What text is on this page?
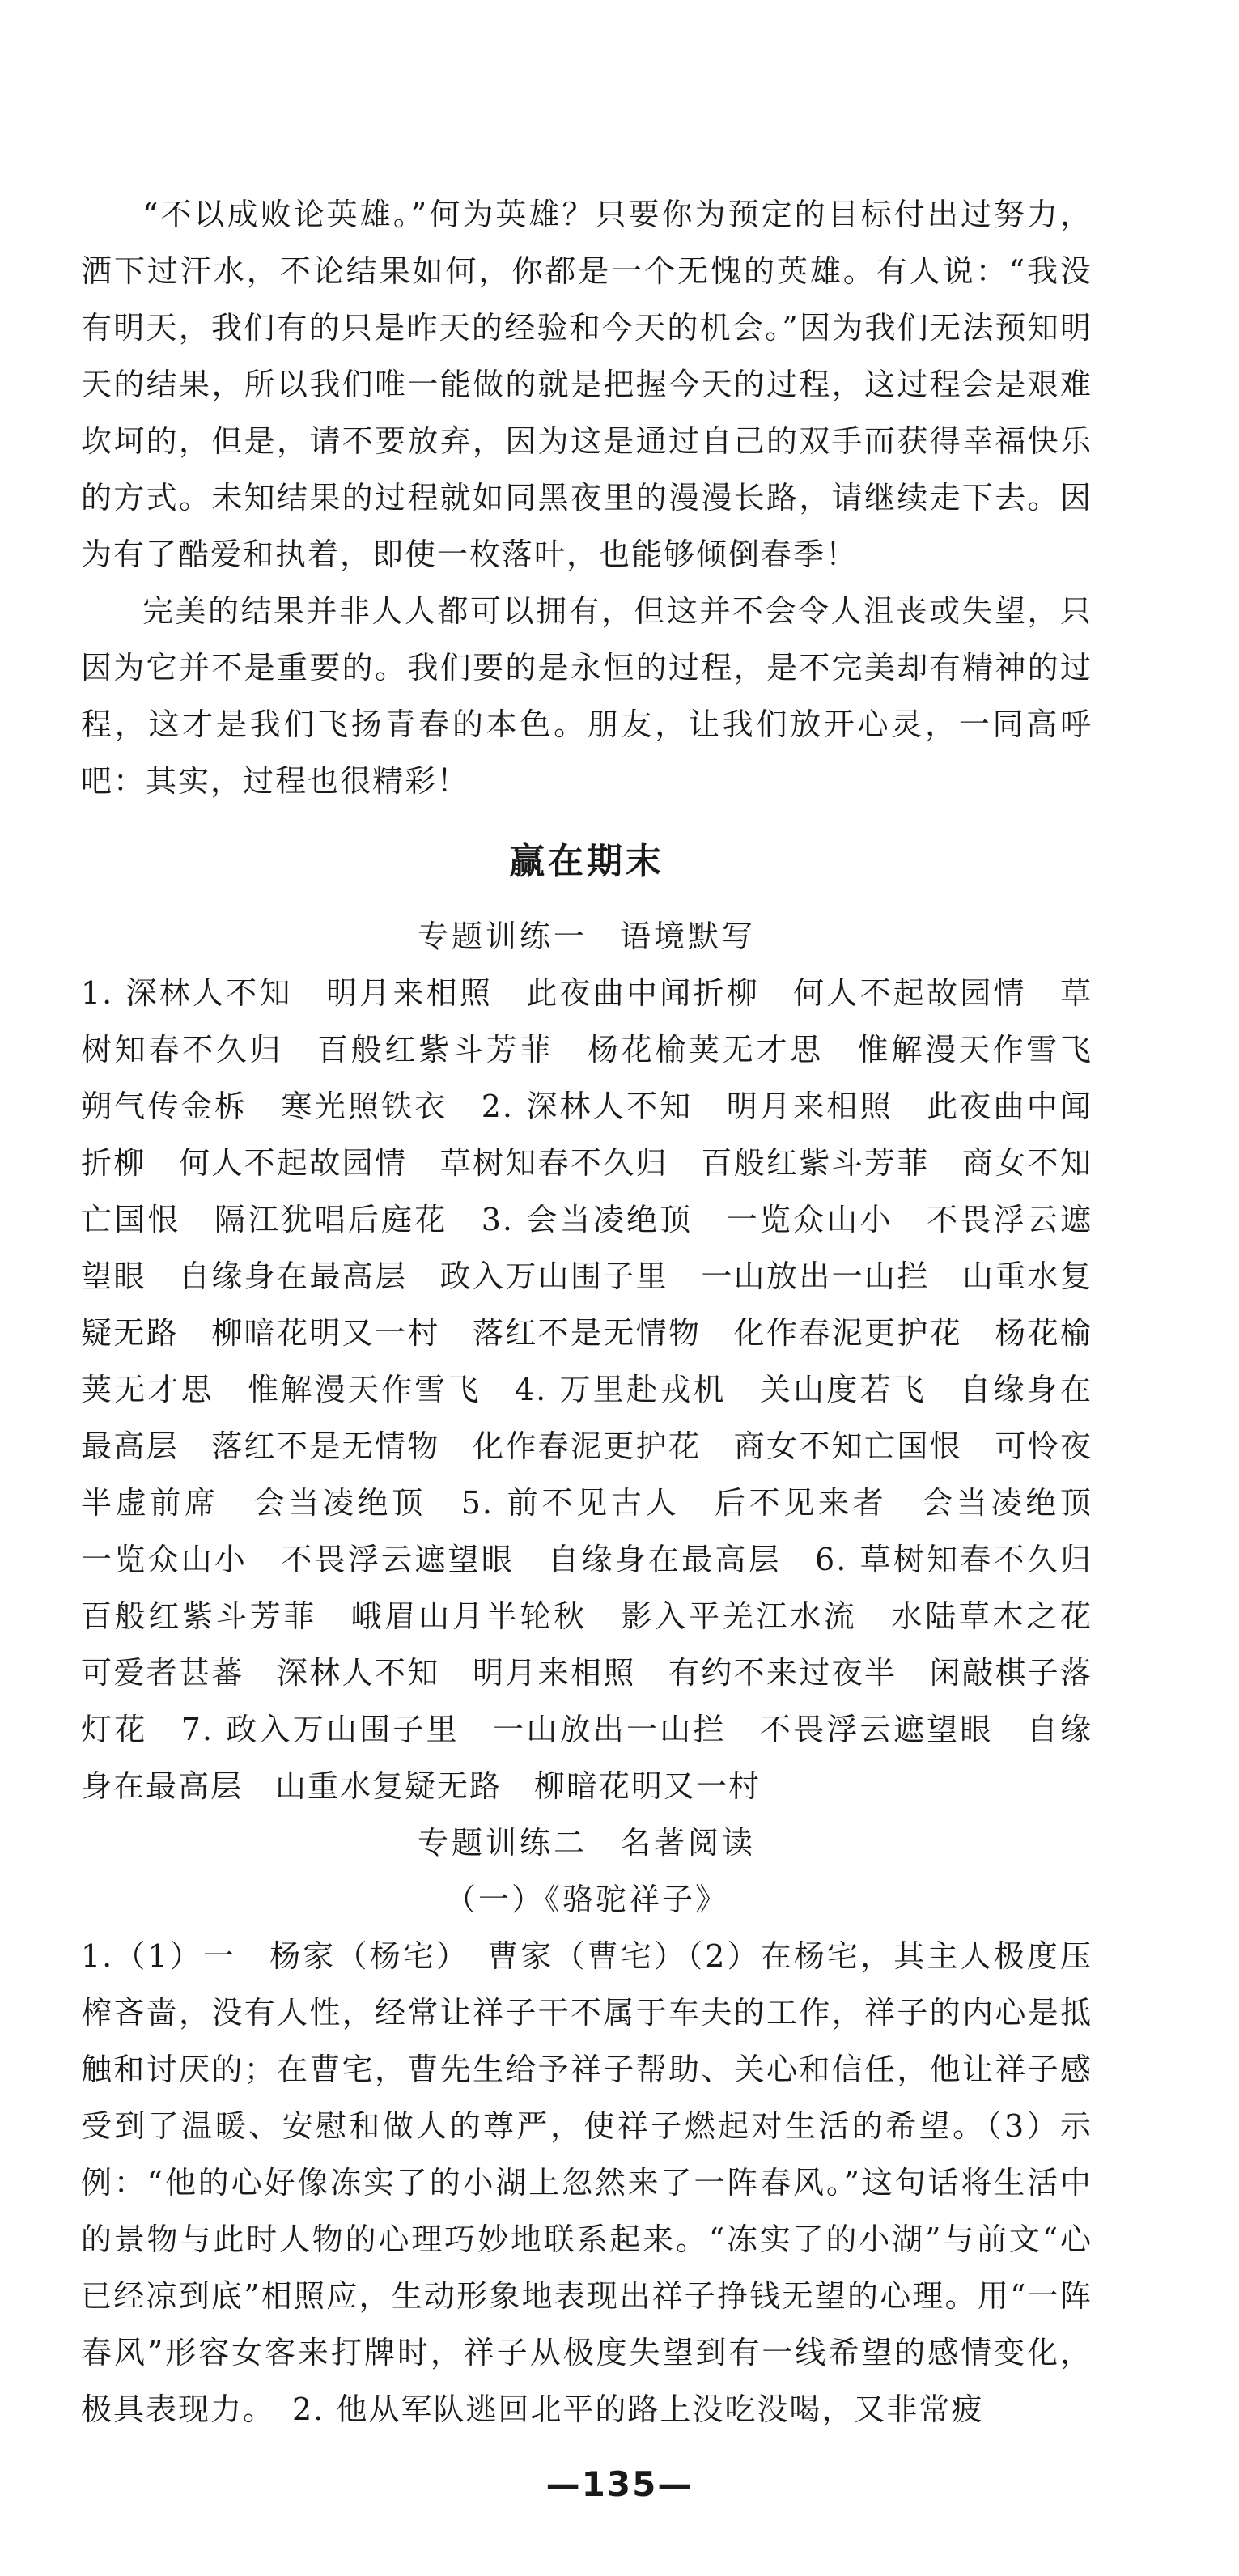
“不以成败论英雄。”何为英雄？只要你为预定的目标付出过努力，洒下过汗水，不论结果如何，你都是一个无愧的英雄。有人说：“我没有明天，我们有的只是昨天的经验和今天的机会。”因为我们无法预知明天的结果，所以我们唯一能做的就是把握今天的过程，这过程会是艰难坎坷的，但是，请不要放弃，因为这是通过自己的双手而获得幸福快乐的方式。未知结果的过程就如同黑夜里的漫漫长路，请继续走下去。因为有了酷爱和执着，即使一枚落叶，也能够倾倒春季！

完美的结果并非人人都可以拥有，但这并不会令人沮丧或失望，只因为它并不是重要的。我们要的是永恒的过程，是不完美却有精神的过程，这才是我们飞扬青春的本色。朋友，让我们放开心灵，一同高呼吧：其实，过程也很精彩！

赢在期末

专题训练一 语境默写

1. 深林人不知　明月来相照　此夜曲中闻折柳　何人不起故园情　草树知春不久归　百般红紫斗芳菲　杨花榆荚无才思　惟解漫天作雪飞　朔气传金柝　寒光照铁衣　2. 深林人不知　明月来相照　此夜曲中闻折柳　何人不起故园情　草树知春不久归　百般红紫斗芳菲　商女不知亡国恨　隔江犹唱后庭花　3. 会当凌绝顶　一览众山小　不畏浮云遮望眼　自缘身在最高层　政入万山围子里　一山放出一山拦　山重水复疑无路　柳暗花明又一村　落红不是无情物　化作春泥更护花　杨花榆荚无才思　惟解漫天作雪飞　4. 万里赴戎机　关山度若飞　自缘身在最高层　落红不是无情物　化作春泥更护花　商女不知亡国恨　可怜夜半虚前席　会当凌绝顶　5. 前不见古人　后不见来者　会当凌绝顶　一览众山小　不畏浮云遮望眼　自缘身在最高层　6. 草树知春不久归　百般红紫斗芳菲　峨眉山月半轮秋　影入平羌江水流　水陆草木之花　可爱者甚蕃　深林人不知　明月来相照　有约不来过夜半　闲敲棋子落灯花　7. 政入万山围子里　一山放出一山拦　不畏浮云遮望眼　自缘身在最高层　山重水复疑无路　柳暗花明又一村

专题训练二 名著阅读

（一）《骆驼祥子》

1.（1）一　杨家（杨宅）　曹家（曹宅）（2）在杨宅，其主人极度压榨吝啬，没有人性，经常让祥子干不属于车夫的工作，祥子的内心是抵触和讨厌的；在曹宅，曹先生给予祥子帮助、关心和信任，他让祥子感受到了温暖、安慰和做人的尊严，使祥子燃起对生活的希望。（3）示例：“他的心好像冻实了的小湖上忽然来了一阵春风。”这句话将生活中的景物与此时人物的心理巧妙地联系起来。“冻实了的小湖”与前文“心已经凉到底”相照应，生动形象地表现出祥子挣钱无望的心理。用“一阵春风”形容女客来打牌时，祥子从极度失望到有一线希望的感情变化，极具表现力。　2. 他从军队逃回北平的路上没吃没喝，又非常疲

—135—
